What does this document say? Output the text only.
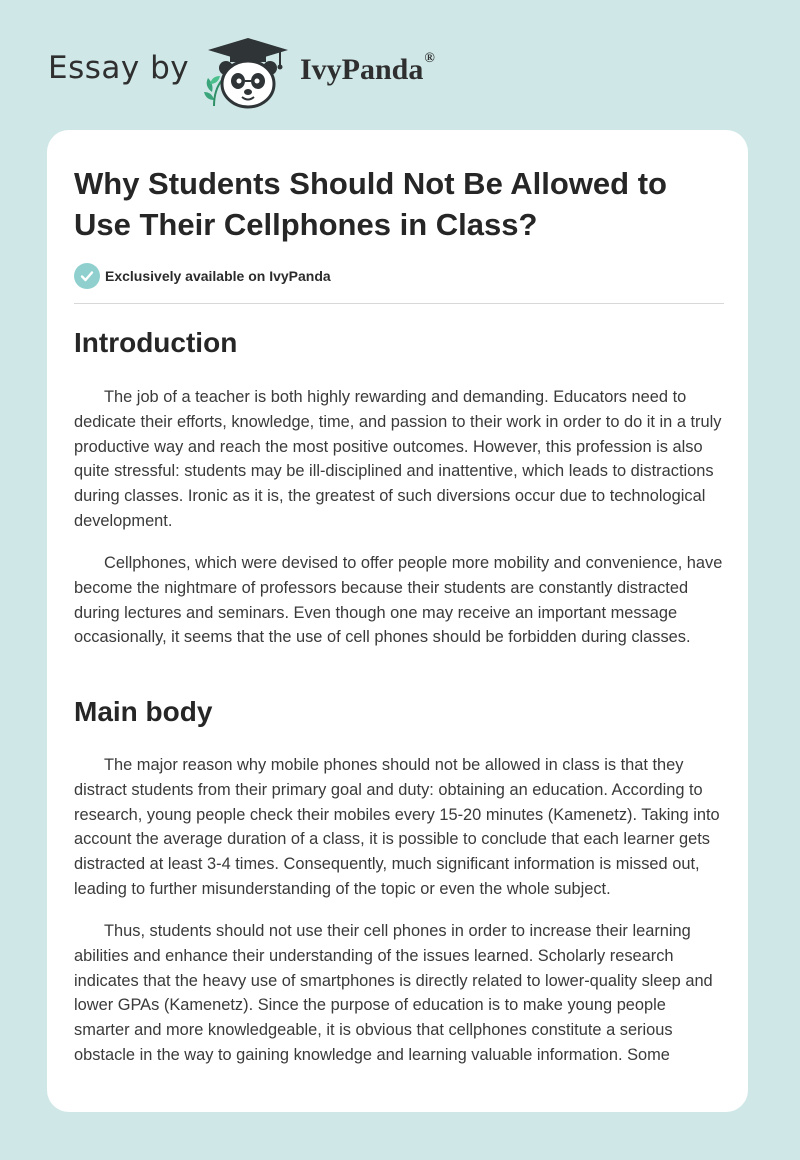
Essay by	IvyPanda®
Why Students Should Not Be Allowed to Use Their Cellphones in Class?
Exclusively available on IvyPanda
Introduction

The job of a teacher is both highly rewarding and demanding. Educators need to dedicate their efforts, knowledge, time, and passion to their work in order to do it in a truly productive way and reach the most positive outcomes. However, this profession is also quite stressful: students may be ill-disciplined and inattentive, which leads to distractions during classes. Ironic as it is, the greatest of such diversions occur due to technological development.

Cellphones, which were devised to offer people more mobility and convenience, have become the nightmare of professors because their students are constantly distracted during lectures and seminars. Even though one may receive an important message occasionally, it seems that the use of cell phones should be forbidden during classes.

Main body

The major reason why mobile phones should not be allowed in class is that they distract students from their primary goal and duty: obtaining an education. According to research, young people check their mobiles every 15-20 minutes (Kamenetz). Taking into account the average duration of a class, it is possible to conclude that each learner gets distracted at least 3-4 times. Consequently, much significant information is missed out, leading to further misunderstanding of the topic or even the whole subject.

Thus, students should not use their cell phones in order to increase their learning abilities and enhance their understanding of the issues learned. Scholarly research indicates that the heavy use of smartphones is directly related to lower-quality sleep and lower GPAs (Kamenetz). Since the purpose of education is to make young people smarter and more knowledgeable, it is obvious that cellphones constitute a serious obstacle in the way to gaining knowledge and learning valuable information. Some
